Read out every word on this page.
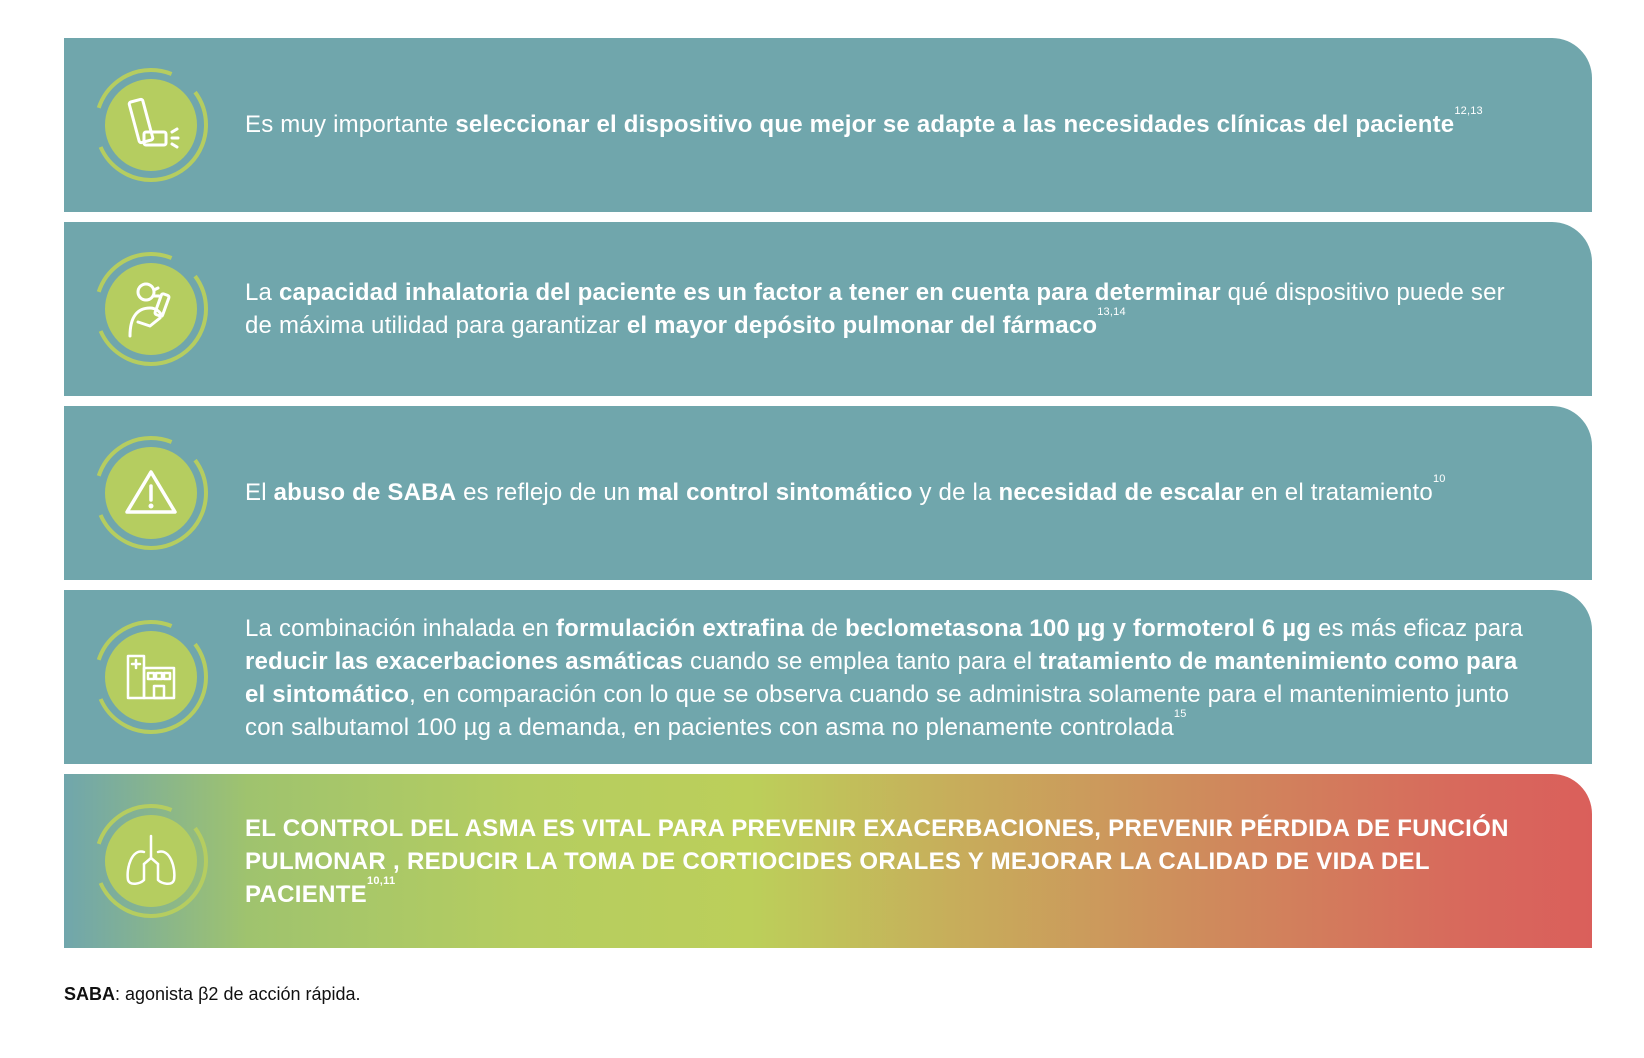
Es muy importante seleccionar el dispositivo que mejor se adapte a las necesidades clínicas del paciente$^{12,13}$
La capacidad inhalatoria del paciente es un factor a tener en cuenta para determinar qué dispositivo puede ser de máxima utilidad para garantizar el mayor depósito pulmonar del fármaco$^{13,14}$
El abuso de SABA es reflejo de un mal control sintomático y de la necesidad de escalar en el tratamiento$^{10}$
La combinación inhalada en formulación extrafina de beclometasona 100 µg y formoterol 6 µg es más eficaz para reducir las exacerbaciones asmáticas cuando se emplea tanto para el tratamiento de mantenimiento como para el sintomático, en comparación con lo que se observa cuando se administra solamente para el mantenimiento junto con salbutamol 100 µg a demanda, en pacientes con asma no plenamente controlada$^{15}$
EL CONTROL DEL ASMA ES VITAL PARA PREVENIR EXACERBACIONES, PREVENIR PÉRDIDA DE FUNCIÓN PULMONAR , REDUCIR LA TOMA DE CORTIOCIDES ORALES Y MEJORAR LA CALIDAD DE VIDA DEL PACIENTE$^{10,11}$
SABA: agonista β2 de acción rápida.
